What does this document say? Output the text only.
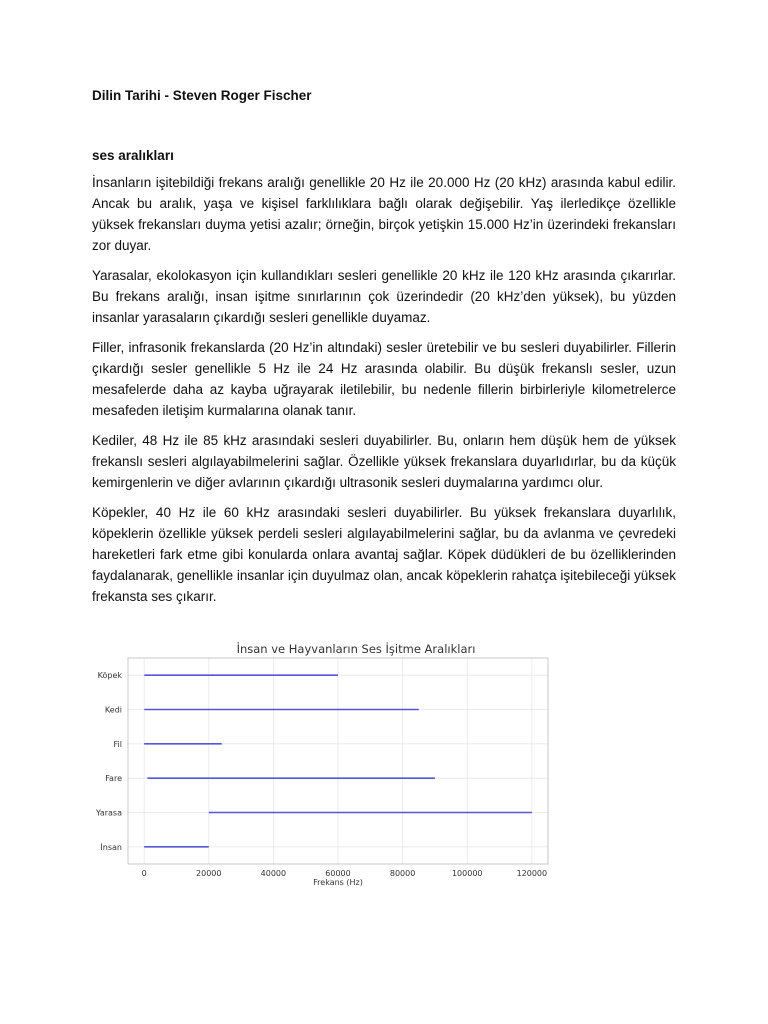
Dilin Tarihi - Steven Roger Fischer

ses aralıkları

İnsanların işitebildiği frekans aralığı genellikle 20 Hz ile 20.000 Hz (20 kHz) arasında kabul edilir. Ancak bu aralık, yaşa ve kişisel farklılıklara bağlı olarak değişebilir. Yaş ilerledikçe özellikle yüksek frekansları duyma yetisi azalır; örneğin, birçok yetişkin 15.000 Hz’in üzerindeki frekansları zor duyar.

Yarasalar, ekolokasyon için kullandıkları sesleri genellikle 20 kHz ile 120 kHz arasında çıkarırlar. Bu frekans aralığı, insan işitme sınırlarının çok üzerindedir (20 kHz’den yüksek), bu yüzden insanlar yarasaların çıkardığı sesleri genellikle duyamaz.

Filler, infrasonik frekanslarda (20 Hz’in altındaki) sesler üretebilir ve bu sesleri duyabilirler. Fillerin çıkardığı sesler genellikle 5 Hz ile 24 Hz arasında olabilir. Bu düşük frekanslı sesler, uzun mesafelerde daha az kayba uğrayarak iletilebilir, bu nedenle fillerin birbirleriyle kilometrelerce mesafeden iletişim kurmalarına olanak tanır.

Kediler, 48 Hz ile 85 kHz arasındaki sesleri duyabilirler. Bu, onların hem düşük hem de yüksek frekanslı sesleri algılayabilmelerini sağlar. Özellikle yüksek frekanslara duyarlıdırlar, bu da küçük kemirgenlerin ve diğer avlarının çıkardığı ultrasonik sesleri duymalarına yardımcı olur.

Köpekler, 40 Hz ile 60 kHz arasındaki sesleri duyabilirler. Bu yüksek frekanslara duyarlılık, köpeklerin özellikle yüksek perdeli sesleri algılayabilmelerini sağlar, bu da avlanma ve çevredeki hareketleri fark etme gibi konularda onlara avantaj sağlar. Köpek düdükleri de bu özelliklerinden faydalanarak, genellikle insanlar için duyulmaz olan, ancak köpeklerin rahatça işitebileceği yüksek frekansta ses çıkarır.

İnsan ve Hayvanların Ses İşitme Aralıkları
Köpek
Kedi
Fil
Fare
Yarasa
İnsan
0	20000	40000	60000	80000	100000	120000
Frekans (Hz)
